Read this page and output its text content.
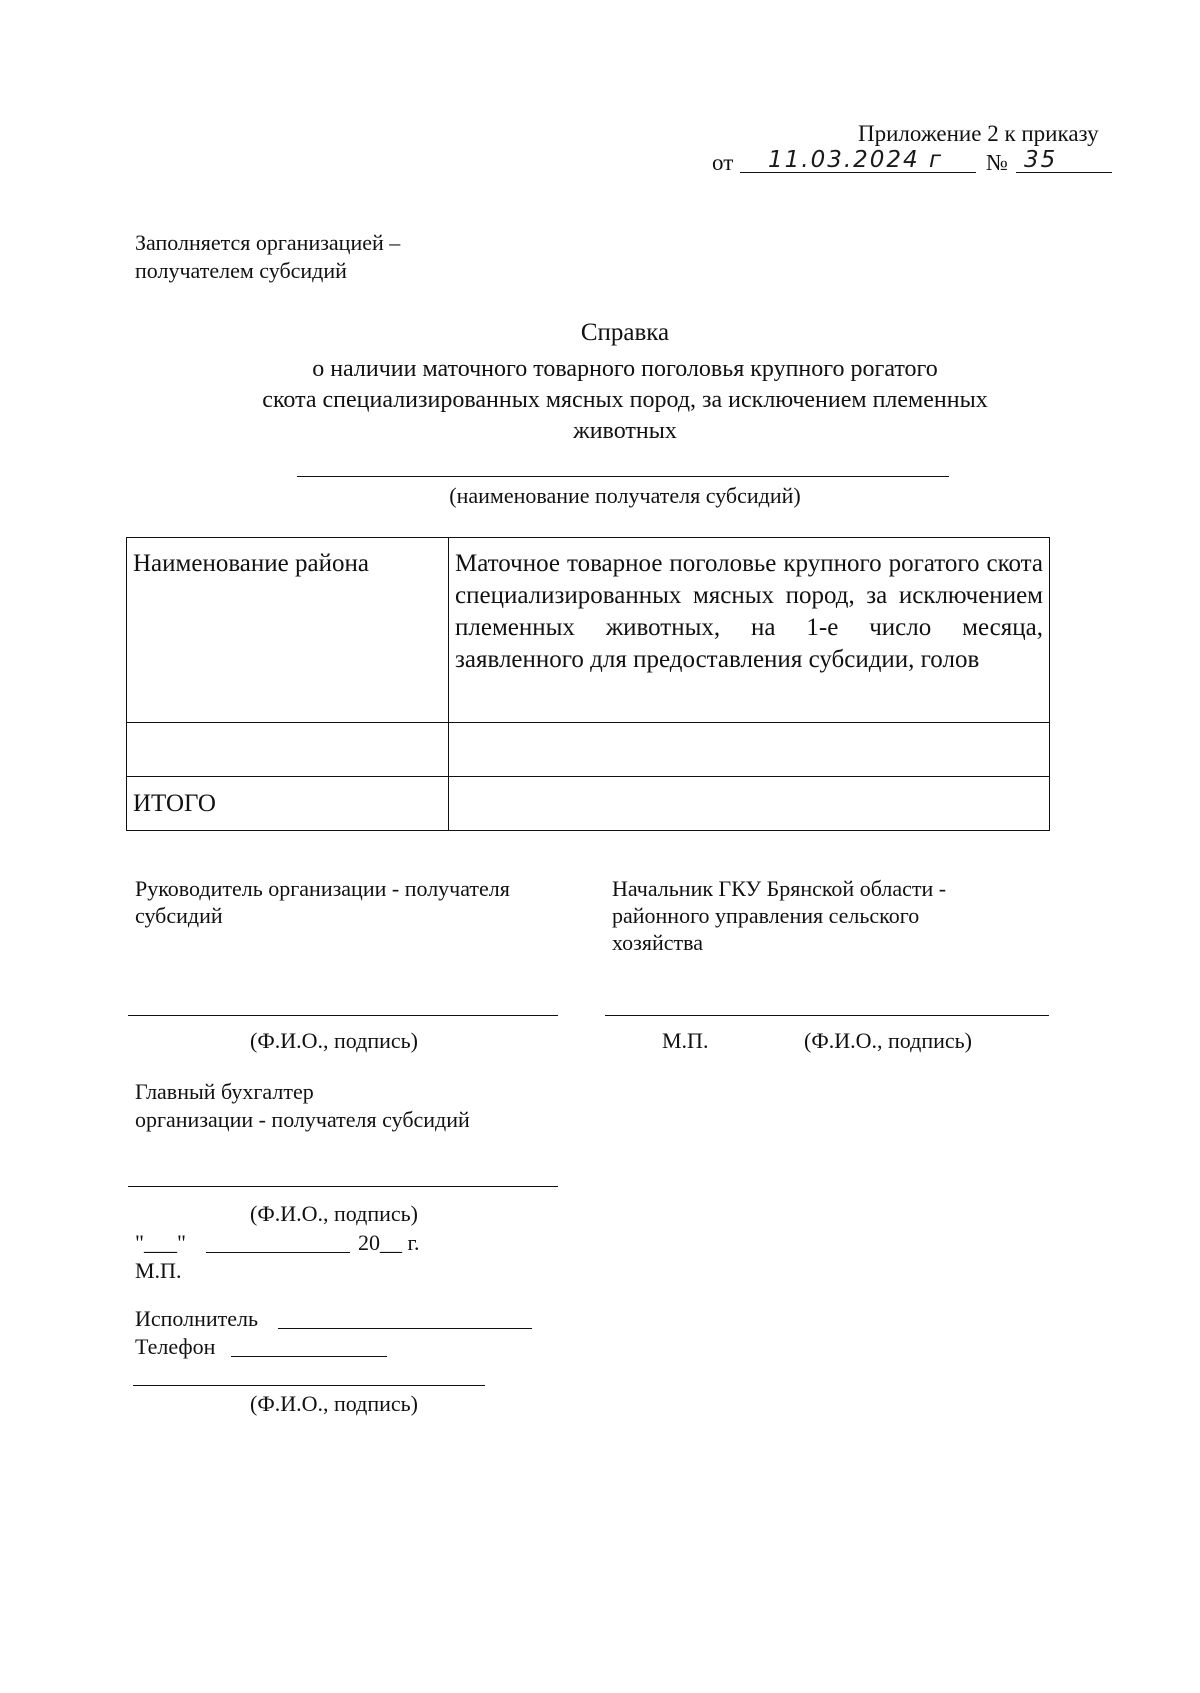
Приложение 2 к приказу
от 11.03.2024 г № 35
Заполняется организацией –
получателем субсидий
Справка
о наличии маточного товарного поголовья крупного рогатого
скота специализированных мясных пород, за исключением племенных
животных
(наименование получателя субсидий)
Наименование района	Маточное товарное поголовье крупного рогатого скота специализированных мясных пород, за исключением племенных животных, на 1-е число месяца, заявленного для предоставления субсидии, голов

ИТОГО	
Руководитель организации - получателя
субсидий
(Ф.И.О., подпись)
Начальник ГКУ Брянской области -
районного управления сельского
хозяйства
М.П.	(Ф.И.О., подпись)
Главный бухгалтер
организации - получателя субсидий
(Ф.И.О., подпись)
"___"	20__ г.
М.П.
Исполнитель
Телефон
(Ф.И.О., подпись)
